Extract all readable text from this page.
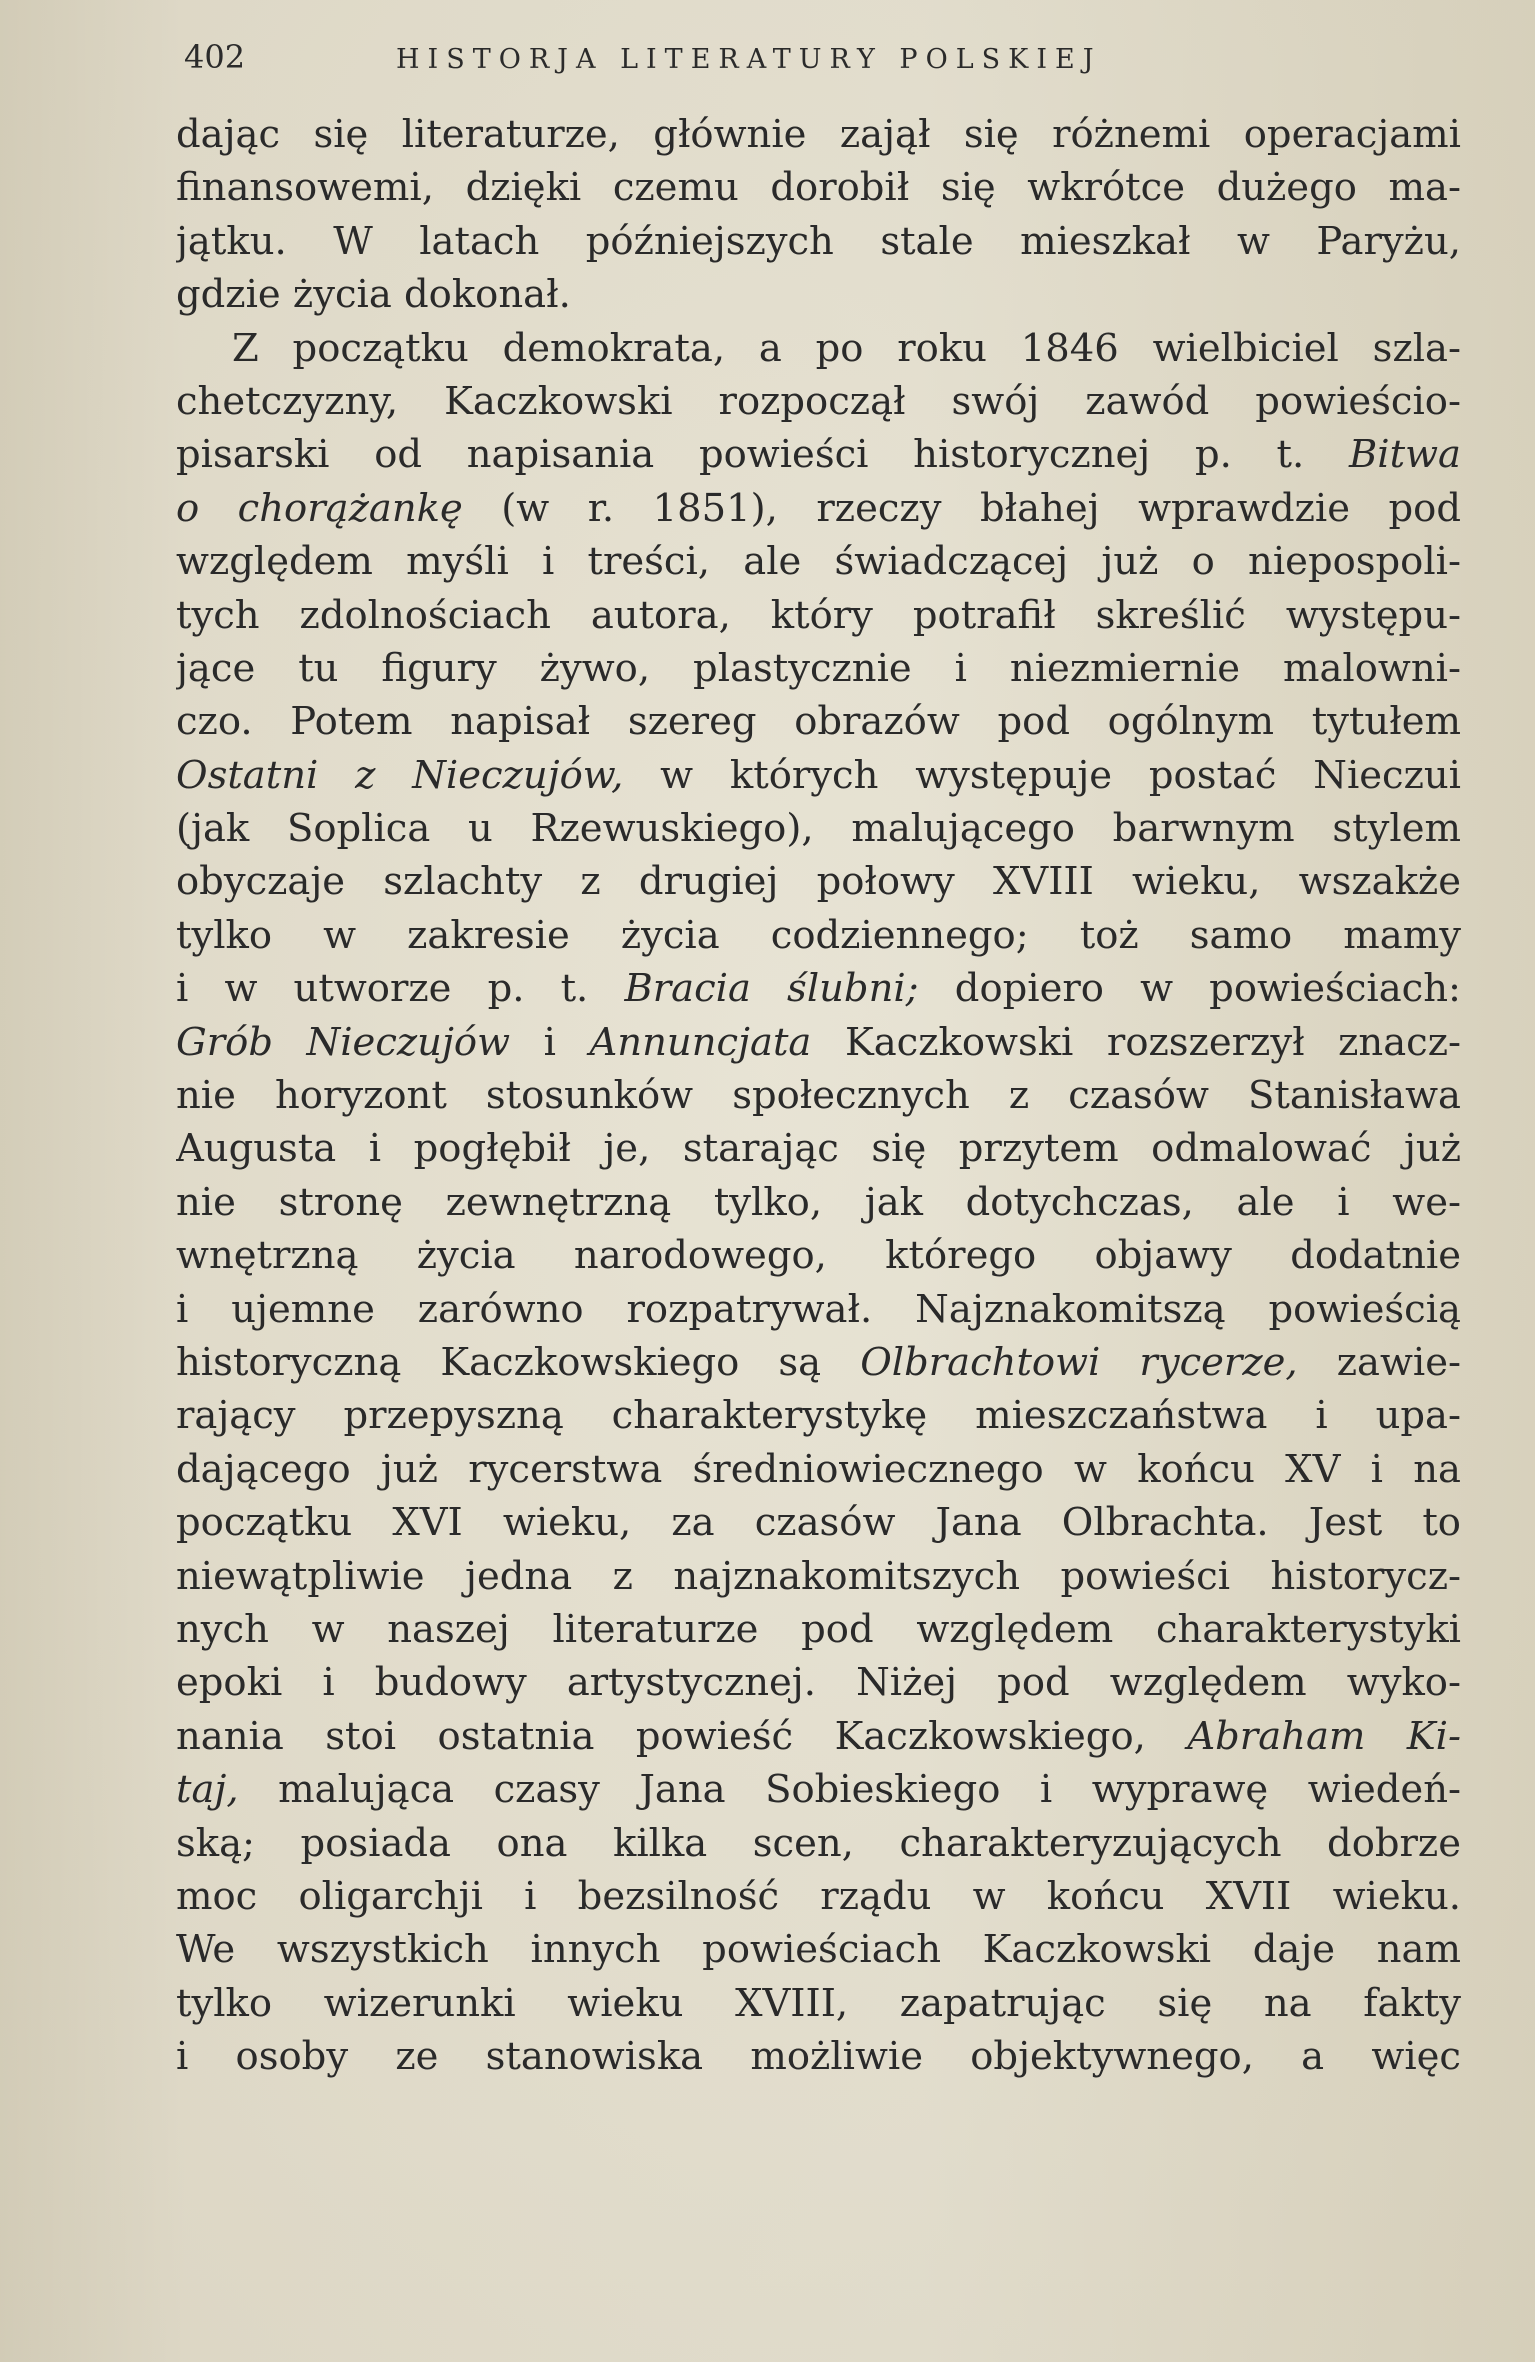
402	HISTORJA LITERATURY POLSKIEJ
dając się literaturze, głównie zajął się różnemi operacjami
finansowemi, dzięki czemu dorobił się wkrótce dużego ma-
jątku. W latach późniejszych stale mieszkał w Paryżu,
gdzie życia dokonał.
Z początku demokrata, a po roku 1846 wielbiciel szla-
chetczyzny, Kaczkowski rozpoczął swój zawód powieścio-
pisarski od napisania powieści historycznej p. t. Bitwa
o chorążankę (w r. 1851), rzeczy błahej wprawdzie pod
względem myśli i treści, ale świadczącej już o niepospoli-
tych zdolnościach autora, który potrafił skreślić występu-
jące tu figury żywo, plastycznie i niezmiernie malowni-
czo. Potem napisał szereg obrazów pod ogólnym tytułem
Ostatni z Nieczujów, w których występuje postać Nieczui
(jak Soplica u Rzewuskiego), malującego barwnym stylem
obyczaje szlachty z drugiej połowy XVIII wieku, wszakże
tylko w zakresie życia codziennego; toż samo mamy
i w utworze p. t. Bracia ślubni; dopiero w powieściach:
Grób Nieczujów i Annuncjata Kaczkowski rozszerzył znacz-
nie horyzont stosunków społecznych z czasów Stanisława
Augusta i pogłębił je, starając się przytem odmalować już
nie stronę zewnętrzną tylko, jak dotychczas, ale i we-
wnętrzną życia narodowego, którego objawy dodatnie
i ujemne zarówno rozpatrywał. Najznakomitszą powieścią
historyczną Kaczkowskiego są Olbrachtowi rycerze, zawie-
rający przepyszną charakterystykę mieszczaństwa i upa-
dającego już rycerstwa średniowiecznego w końcu XV i na
początku XVI wieku, za czasów Jana Olbrachta. Jest to
niewątpliwie jedna z najznakomitszych powieści historycz-
nych w naszej literaturze pod względem charakterystyki
epoki i budowy artystycznej. Niżej pod względem wyko-
nania stoi ostatnia powieść Kaczkowskiego, Abraham Ki-
taj, malująca czasy Jana Sobieskiego i wyprawę wiedeń-
ską; posiada ona kilka scen, charakteryzujących dobrze
moc oligarchji i bezsilność rządu w końcu XVII wieku.
We wszystkich innych powieściach Kaczkowski daje nam
tylko wizerunki wieku XVIII, zapatrując się na fakty
i osoby ze stanowiska możliwie objektywnego, a więc
